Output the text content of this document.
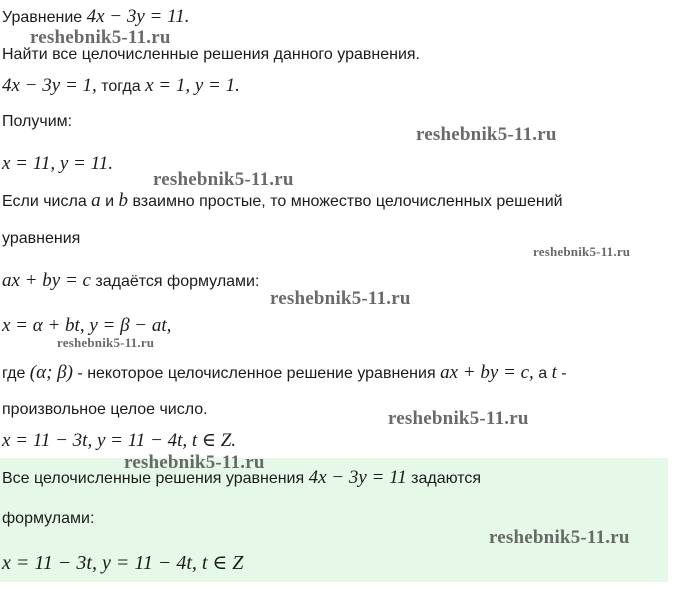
Уравнение 4x − 3y = 11.
Найти все целочисленные решения данного уравнения.
4x − 3y = 1, тогда x = 1, y = 1.
Получим:
x = 11, y = 11.
Если числа a и b взаимно простые, то множество целочисленных решений
уравнения
ax + by = c задаётся формулами:
x = α + bt, y = β − at,
где (α; β) - некоторое целочисленное решение уравнения ax + by = c, а t -
произвольное целое число.
x = 11 − 3t, y = 11 − 4t, t ∈ Z.
Все целочисленные решения уравнения 4x − 3y = 11 задаются
формулами:
x = 11 − 3t, y = 11 − 4t, t ∈ Z
reshebnik5-11.ru
reshebnik5-11.ru
reshebnik5-11.ru
reshebnik5-11.ru
reshebnik5-11.ru
reshebnik5-11.ru
reshebnik5-11.ru
reshebnik5-11.ru
reshebnik5-11.ru
